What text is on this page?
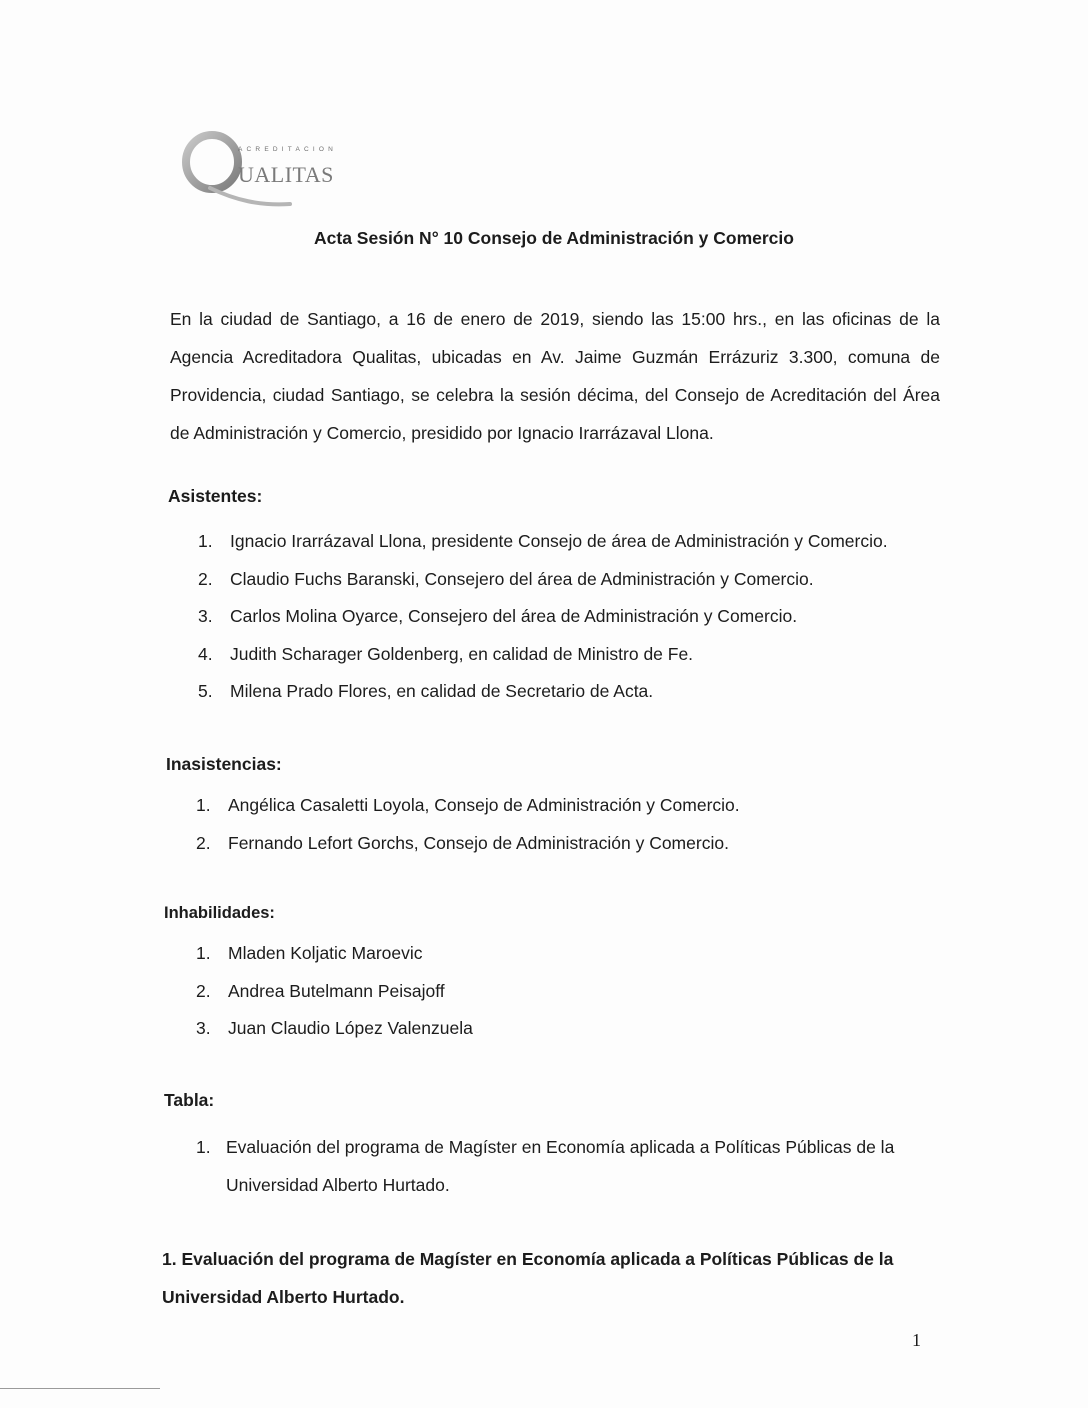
ACREDITACION
UALITAS
Acta Sesión N° 10 Consejo de Administración y Comercio
En la ciudad de Santiago, a 16 de enero de 2019, siendo las 15:00 hrs., en las oficinas de la Agencia Acreditadora Qualitas, ubicadas en Av. Jaime Guzmán Errázuriz 3.300, comuna de Providencia, ciudad Santiago, se celebra la sesión décima, del Consejo de Acreditación del Área de Administración y Comercio, presidido por Ignacio Irarrázaval Llona.
Asistentes:
1. Ignacio Irarrázaval Llona, presidente Consejo de área de Administración y Comercio.
2. Claudio Fuchs Baranski, Consejero del área de Administración y Comercio.
3. Carlos Molina Oyarce, Consejero del área de Administración y Comercio.
4. Judith Scharager Goldenberg, en calidad de Ministro de Fe.
5. Milena Prado Flores, en calidad de Secretario de Acta.
Inasistencias:
1. Angélica Casaletti Loyola, Consejo de Administración y Comercio.
2. Fernando Lefort Gorchs, Consejo de Administración y Comercio.
Inhabilidades:
1. Mladen Koljatic Maroevic
2. Andrea Butelmann Peisajoff
3. Juan Claudio López Valenzuela
Tabla:
1. Evaluación del programa de Magíster en Economía aplicada a Políticas Públicas de la Universidad Alberto Hurtado.
1. Evaluación del programa de Magíster en Economía aplicada a Políticas Públicas de la Universidad Alberto Hurtado.
1
